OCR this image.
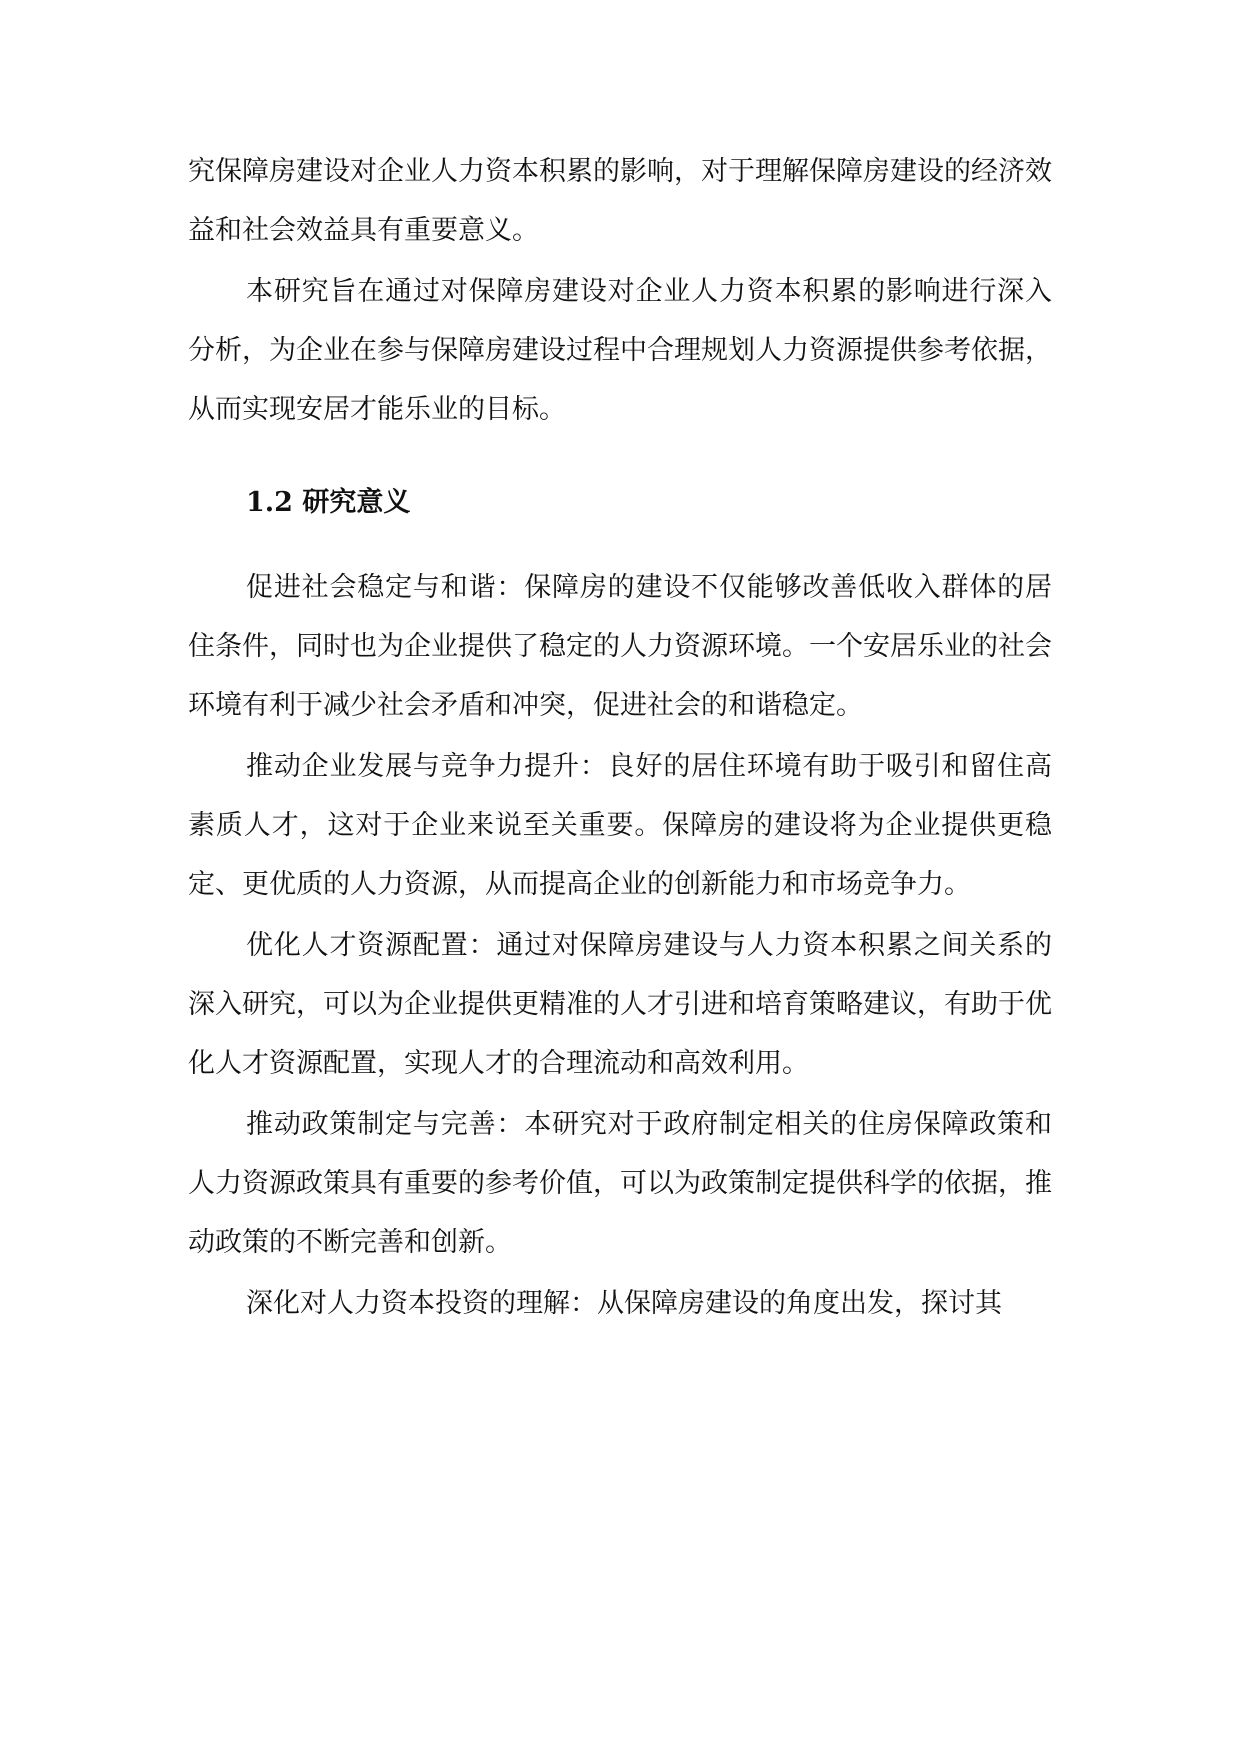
究保障房建设对企业人力资本积累的影响，对于理解保障房建设的经济效益和社会效益具有重要意义。

本研究旨在通过对保障房建设对企业人力资本积累的影响进行深入分析，为企业在参与保障房建设过程中合理规划人力资源提供参考依据，从而实现安居才能乐业的目标。

1.2 研究意义

促进社会稳定与和谐：保障房的建设不仅能够改善低收入群体的居住条件，同时也为企业提供了稳定的人力资源环境。一个安居乐业的社会环境有利于减少社会矛盾和冲突，促进社会的和谐稳定。

推动企业发展与竞争力提升：良好的居住环境有助于吸引和留住高素质人才，这对于企业来说至关重要。保障房的建设将为企业提供更稳定、更优质的人力资源，从而提高企业的创新能力和市场竞争力。

优化人才资源配置：通过对保障房建设与人力资本积累之间关系的深入研究，可以为企业提供更精准的人才引进和培育策略建议，有助于优化人才资源配置，实现人才的合理流动和高效利用。

推动政策制定与完善：本研究对于政府制定相关的住房保障政策和人力资源政策具有重要的参考价值，可以为政策制定提供科学的依据，推动政策的不断完善和创新。

深化对人力资本投资的理解：从保障房建设的角度出发，探讨其
